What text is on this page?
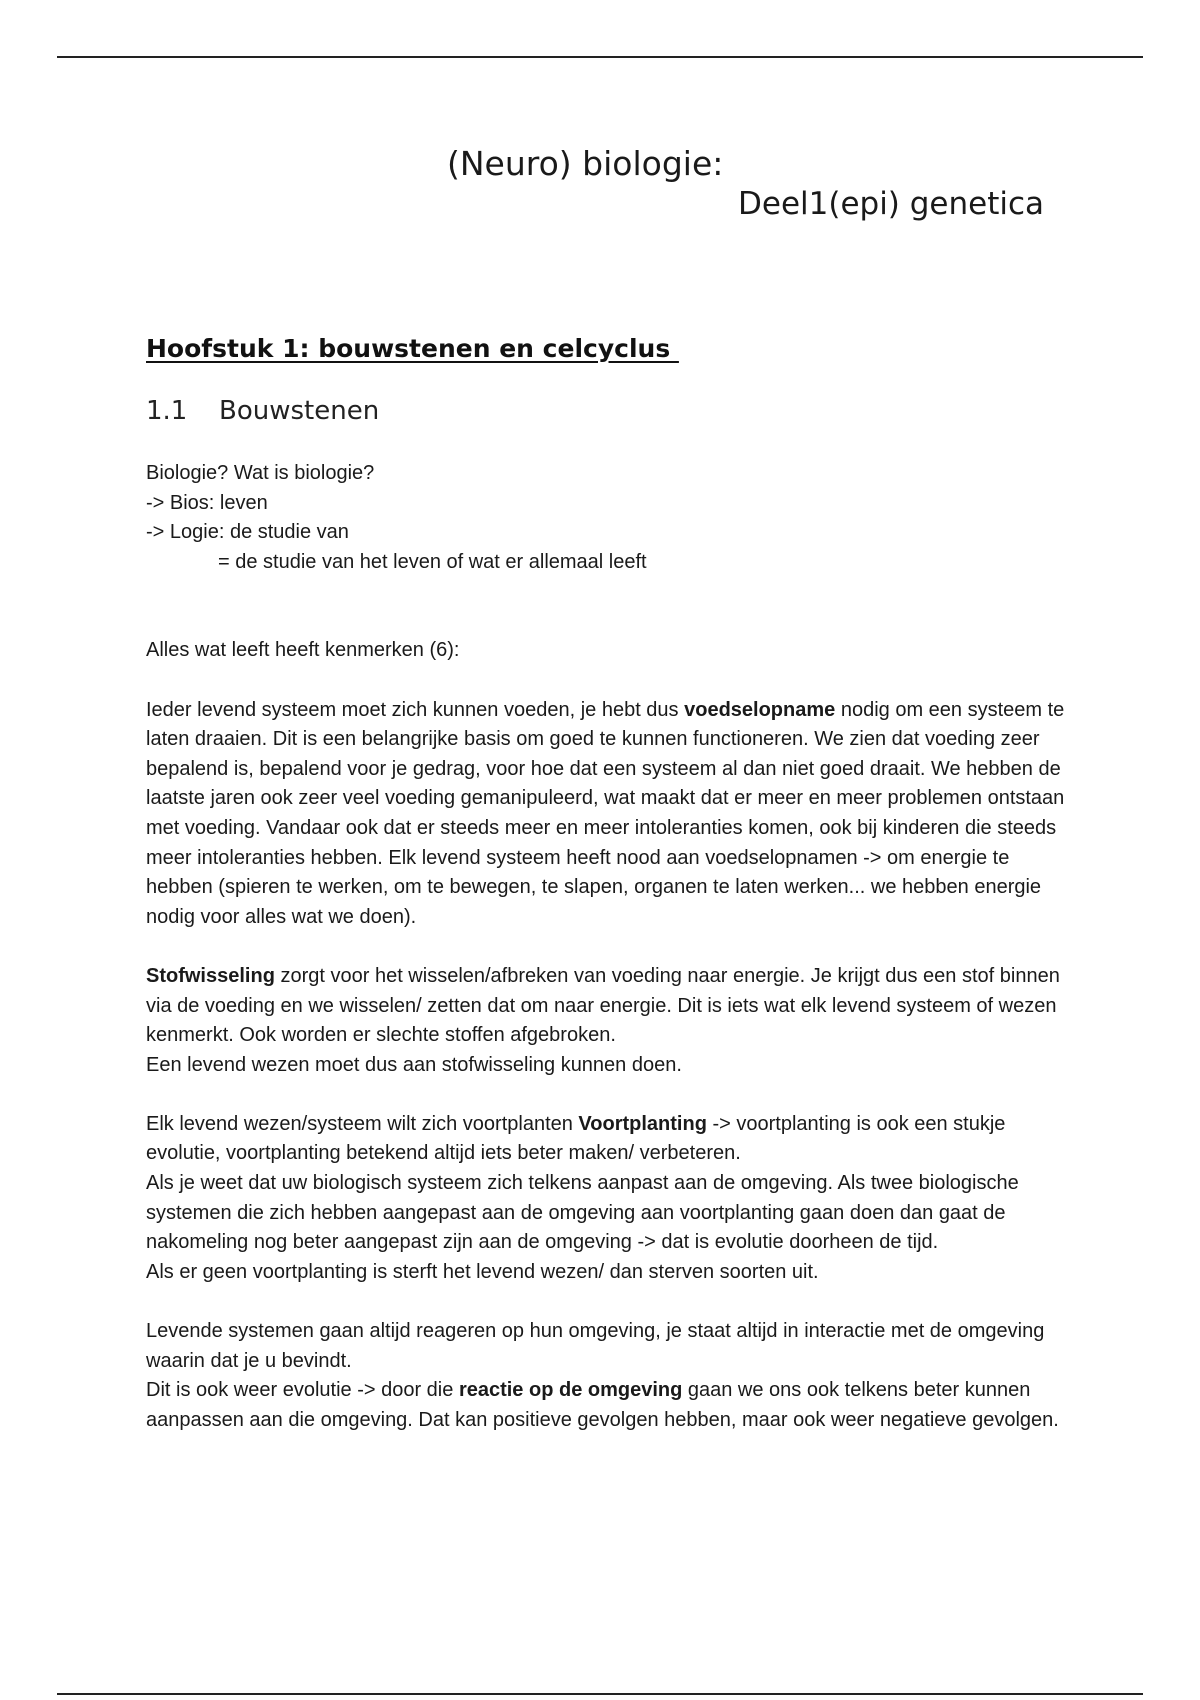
(Neuro) biologie:
Deel1(epi) genetica
Hoofstuk 1: bouwstenen en celcyclus
1.1 Bouwstenen

Biologie? Wat is biologie?

-> Bios: leven

-> Logie: de studie van

= de studie van het leven of wat er allemaal leeft

Alles wat leeft heeft kenmerken (6):

Ieder levend systeem moet zich kunnen voeden, je hebt dus voedselopname nodig om een systeem te laten draaien. Dit is een belangrijke basis om goed te kunnen functioneren. We zien dat voeding zeer bepalend is, bepalend voor je gedrag, voor hoe dat een systeem al dan niet goed draait. We hebben de laatste jaren ook zeer veel voeding gemanipuleerd, wat maakt dat er meer en meer problemen ontstaan met voeding. Vandaar ook dat er steeds meer en meer intoleranties komen, ook bij kinderen die steeds meer intoleranties hebben. Elk levend systeem heeft nood aan voedselopnamen -> om energie te hebben (spieren te werken, om te bewegen, te slapen, organen te laten werken... we hebben energie nodig voor alles wat we doen).

Stofwisseling zorgt voor het wisselen/afbreken van voeding naar energie. Je krijgt dus een stof binnen via de voeding en we wisselen/ zetten dat om naar energie. Dit is iets wat elk levend systeem of wezen kenmerkt. Ook worden er slechte stoffen afgebroken.

Een levend wezen moet dus aan stofwisseling kunnen doen.

Elk levend wezen/systeem wilt zich voortplanten Voortplanting -> voortplanting is ook een stukje evolutie, voortplanting betekend altijd iets beter maken/ verbeteren.

Als je weet dat uw biologisch systeem zich telkens aanpast aan de omgeving. Als twee biologische systemen die zich hebben aangepast aan de omgeving aan voortplanting gaan doen dan gaat de nakomeling nog beter aangepast zijn aan de omgeving -> dat is evolutie doorheen de tijd.

Als er geen voortplanting is sterft het levend wezen/ dan sterven soorten uit.

Levende systemen gaan altijd reageren op hun omgeving, je staat altijd in interactie met de omgeving waarin dat je u bevindt.

Dit is ook weer evolutie -> door die reactie op de omgeving gaan we ons ook telkens beter kunnen aanpassen aan die omgeving. Dat kan positieve gevolgen hebben, maar ook weer negatieve gevolgen.
